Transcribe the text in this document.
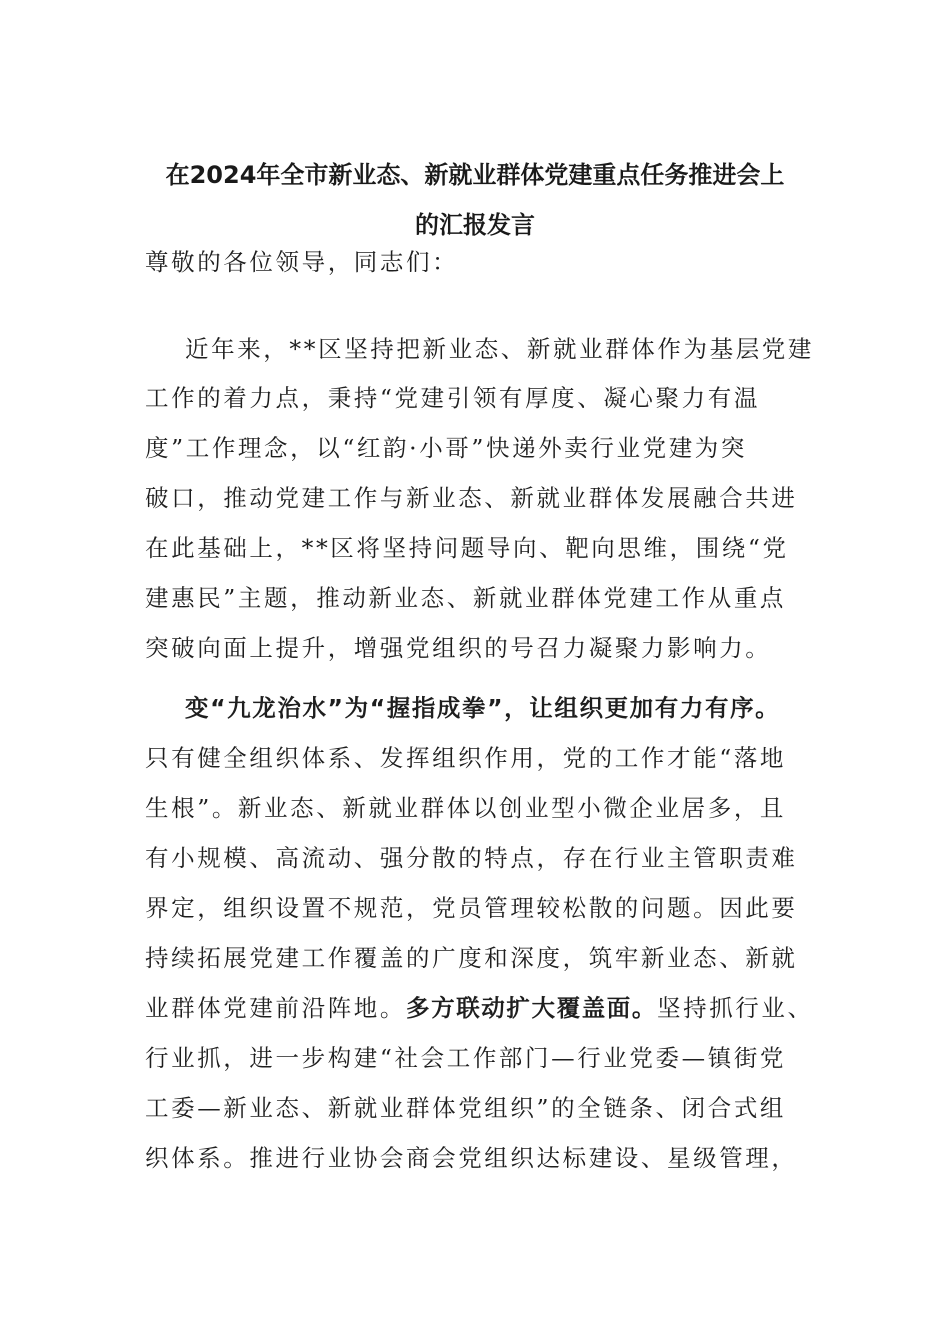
在2024年全市新业态、新就业群体党建重点任务推进会上
的汇报发言
尊敬的各位领导，同志们：
近年来，**区坚持把新业态、新就业群体作为基层党建
工作的着力点，秉持“党建引领有厚度、凝心聚力有温
度”工作理念，以“红韵·小哥”快递外卖行业党建为突
破口，推动党建工作与新业态、新就业群体发展融合共进
在此基础上，**区将坚持问题导向、靶向思维，围绕“党
建惠民”主题，推动新业态、新就业群体党建工作从重点
突破向面上提升，增强党组织的号召力凝聚力影响力。
变“九龙治水”为“握指成拳”，让组织更加有力有序。
只有健全组织体系、发挥组织作用，党的工作才能“落地
生根”。新业态、新就业群体以创业型小微企业居多，且
有小规模、高流动、强分散的特点，存在行业主管职责难
界定，组织设置不规范，党员管理较松散的问题。因此要
持续拓展党建工作覆盖的广度和深度，筑牢新业态、新就
业群体党建前沿阵地。多方联动扩大覆盖面。坚持抓行业、
行业抓，进一步构建“社会工作部门—行业党委—镇街党
工委—新业态、新就业群体党组织”的全链条、闭合式组
织体系。推进行业协会商会党组织达标建设、星级管理，
